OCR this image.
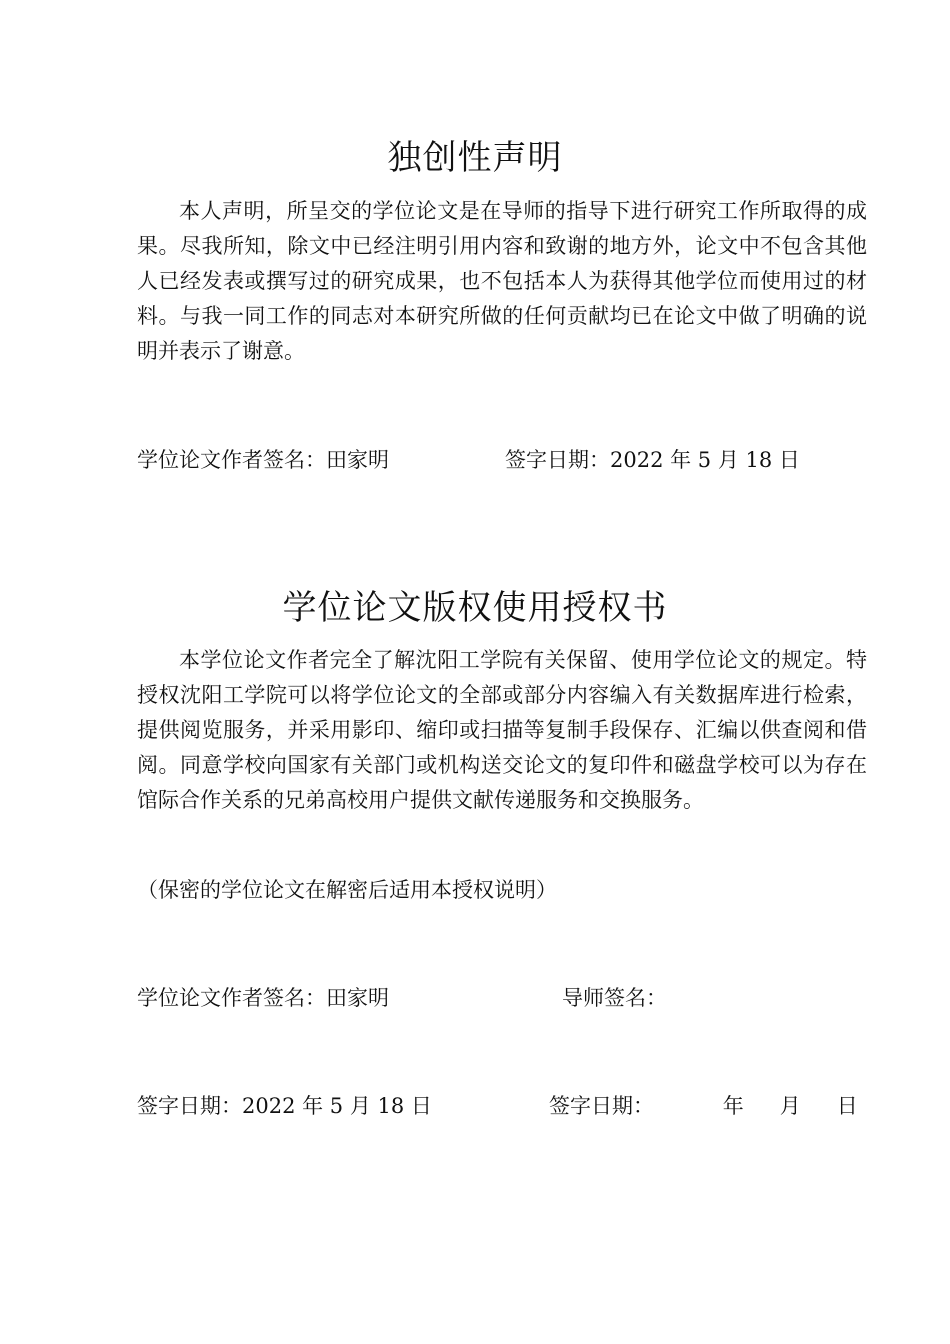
独创性声明

本人声明，所呈交的学位论文是在导师的指导下进行研究工作所取得的成果。尽我所知，除文中已经注明引用内容和致谢的地方外，论文中不包含其他人已经发表或撰写过的研究成果，也不包括本人为获得其他学位而使用过的材料。与我一同工作的同志对本研究所做的任何贡献均已在论文中做了明确的说明并表示了谢意。

学位论文作者签名：田家明	签字日期：2022 年 5 月 18 日
学位论文版权使用授权书

本学位论文作者完全了解沈阳工学院有关保留、使用学位论文的规定。特授权沈阳工学院可以将学位论文的全部或部分内容编入有关数据库进行检索，提供阅览服务，并采用影印、缩印或扫描等复制手段保存、汇编以供查阅和借阅。同意学校向国家有关部门或机构送交论文的复印件和磁盘学校可以为存在馆际合作关系的兄弟高校用户提供文献传递服务和交换服务。

（保密的学位论文在解密后适用本授权说明）

学位论文作者签名：田家明	导师签名：
签字日期：2022 年 5 月 18 日	签字日期：	年 月 日
